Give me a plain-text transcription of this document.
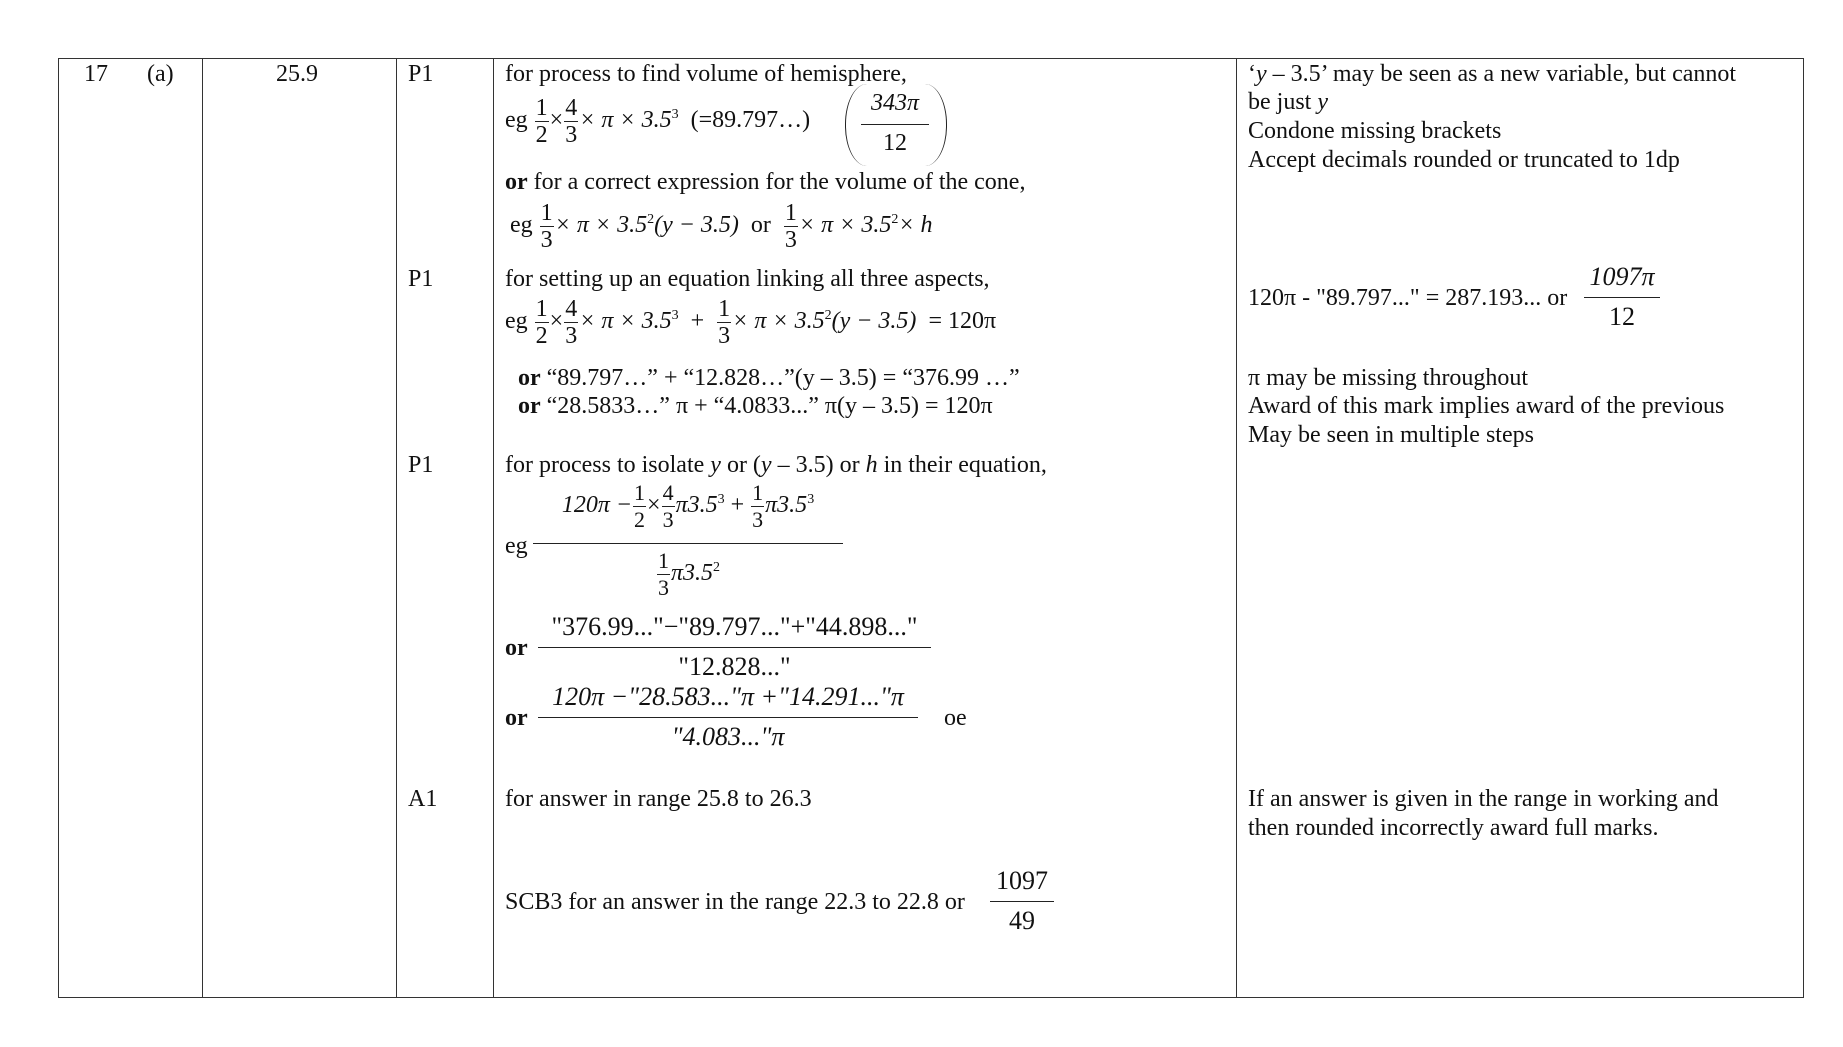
17 (a)	25.9	P1
P1
P1
A1
for process to find volume of hemisphere,
eg $\frac{1}{2} \times \frac{4}{3} \times \pi \times 3.5^3$ (=89.797…)
343π
12
or for a correct expression for the volume of the cone,
eg $\frac{1}{3} \times \pi \times 3.5^2(y - 3.5)$ or $\frac{1}{3} \times \pi \times 3.5^2\times h$
for setting up an equation linking all three aspects,
eg $\frac{1}{2} \times \frac{4}{3} \times \pi \times 3.5^3 + \frac{1}{3} \times \pi \times 3.5^2(y - 3.5) = 120\pi$
or “89.797…” + “12.828…”(y – 3.5) = “376.99 …”
or “28.5833…” π + “4.0833...” π(y – 3.5) = 120π
for process to isolate y or (y – 3.5) or h in their equation,
eg
$120\pi - \frac{1}{2} \times \frac{4}{3} \pi 3.5^3 + \frac{1}{3} \pi 3.5^3$
$\frac{1}{3} \pi 3.5^2$
or
"376.99..."−"89.797..."+"44.898..."
"12.828..."
or
120π −"28.583..."π +"14.291..."π
"4.083..."π
oe
for answer in range 25.8 to 26.3
SCB3 for an answer in the range 22.3 to 22.8 or
1097
49
‘y – 3.5’ may be seen as a new variable, but cannot
be just y
Condone missing brackets
Accept decimals rounded or truncated to 1dp
120π - "89.797..." = 287.193... or
1097π
12
π may be missing throughout
Award of this mark implies award of the previous
May be seen in multiple steps
If an answer is given in the range in working and
then rounded incorrectly award full marks.
